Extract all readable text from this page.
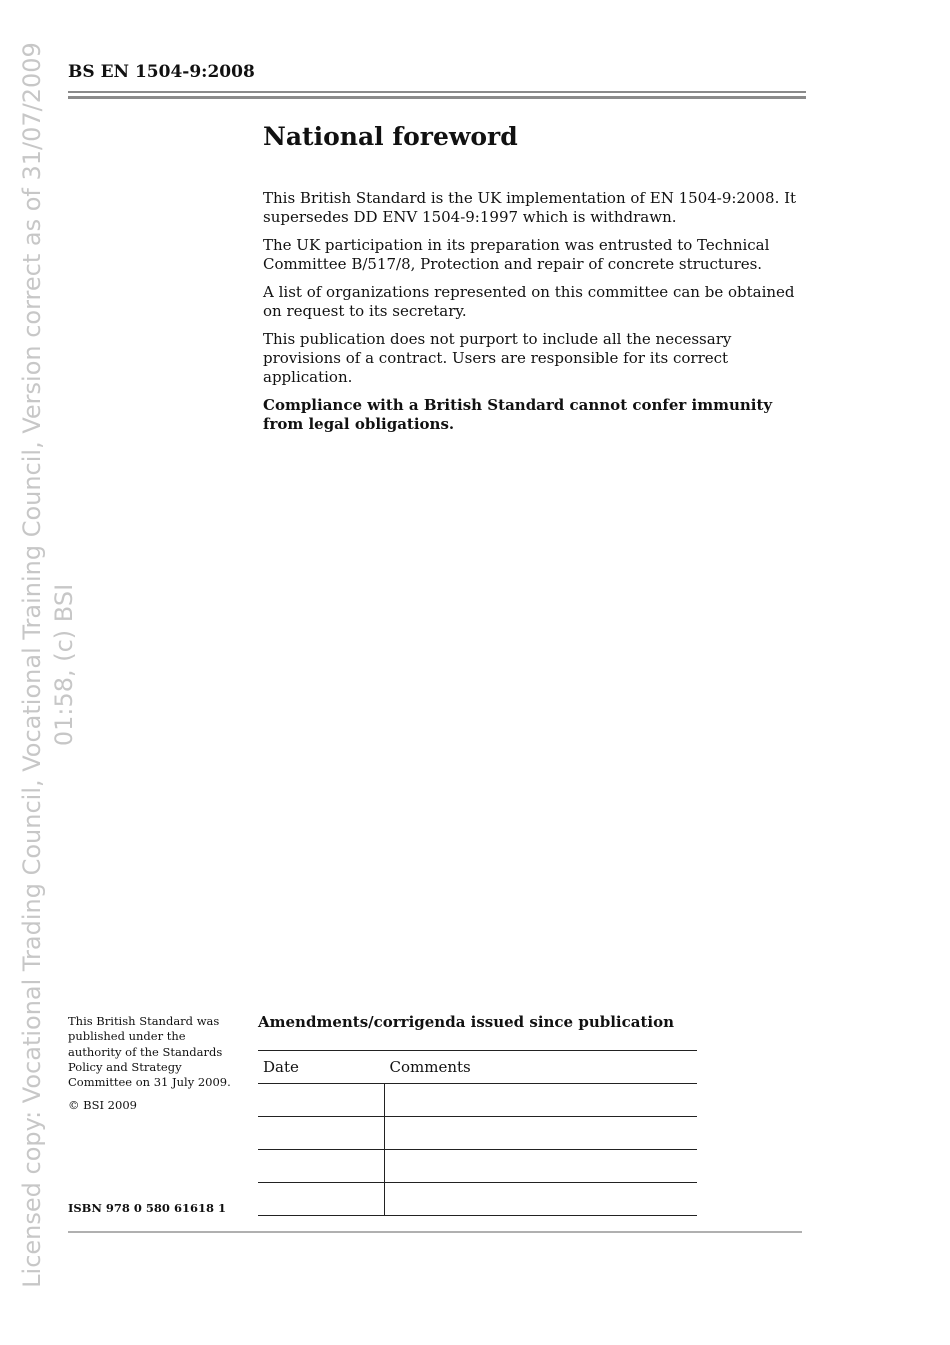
Licensed copy: Vocational Trading Council, Vocational Training Council, Version correct as of 31/07/2009 01:58, (c) BSI
BS EN 1504-9:2008
National foreword

This British Standard is the UK implementation of EN 1504-9:2008. It supersedes DD ENV 1504-9:1997 which is withdrawn.

The UK participation in its preparation was entrusted to Technical Committee B/517/8, Protection and repair of concrete structures.

A list of organizations represented on this committee can be obtained on request to its secretary.

This publication does not purport to include all the necessary provisions of a contract. Users are responsible for its correct application.

Compliance with a British Standard cannot confer immunity from legal obligations.

This British Standard was published under the authority of the Standards Policy and Strategy Committee on 31 July 2009.

© BSI 2009

ISBN 978 0 580 61618 1
Amendments/corrigenda issued since publication
Date	Comments
